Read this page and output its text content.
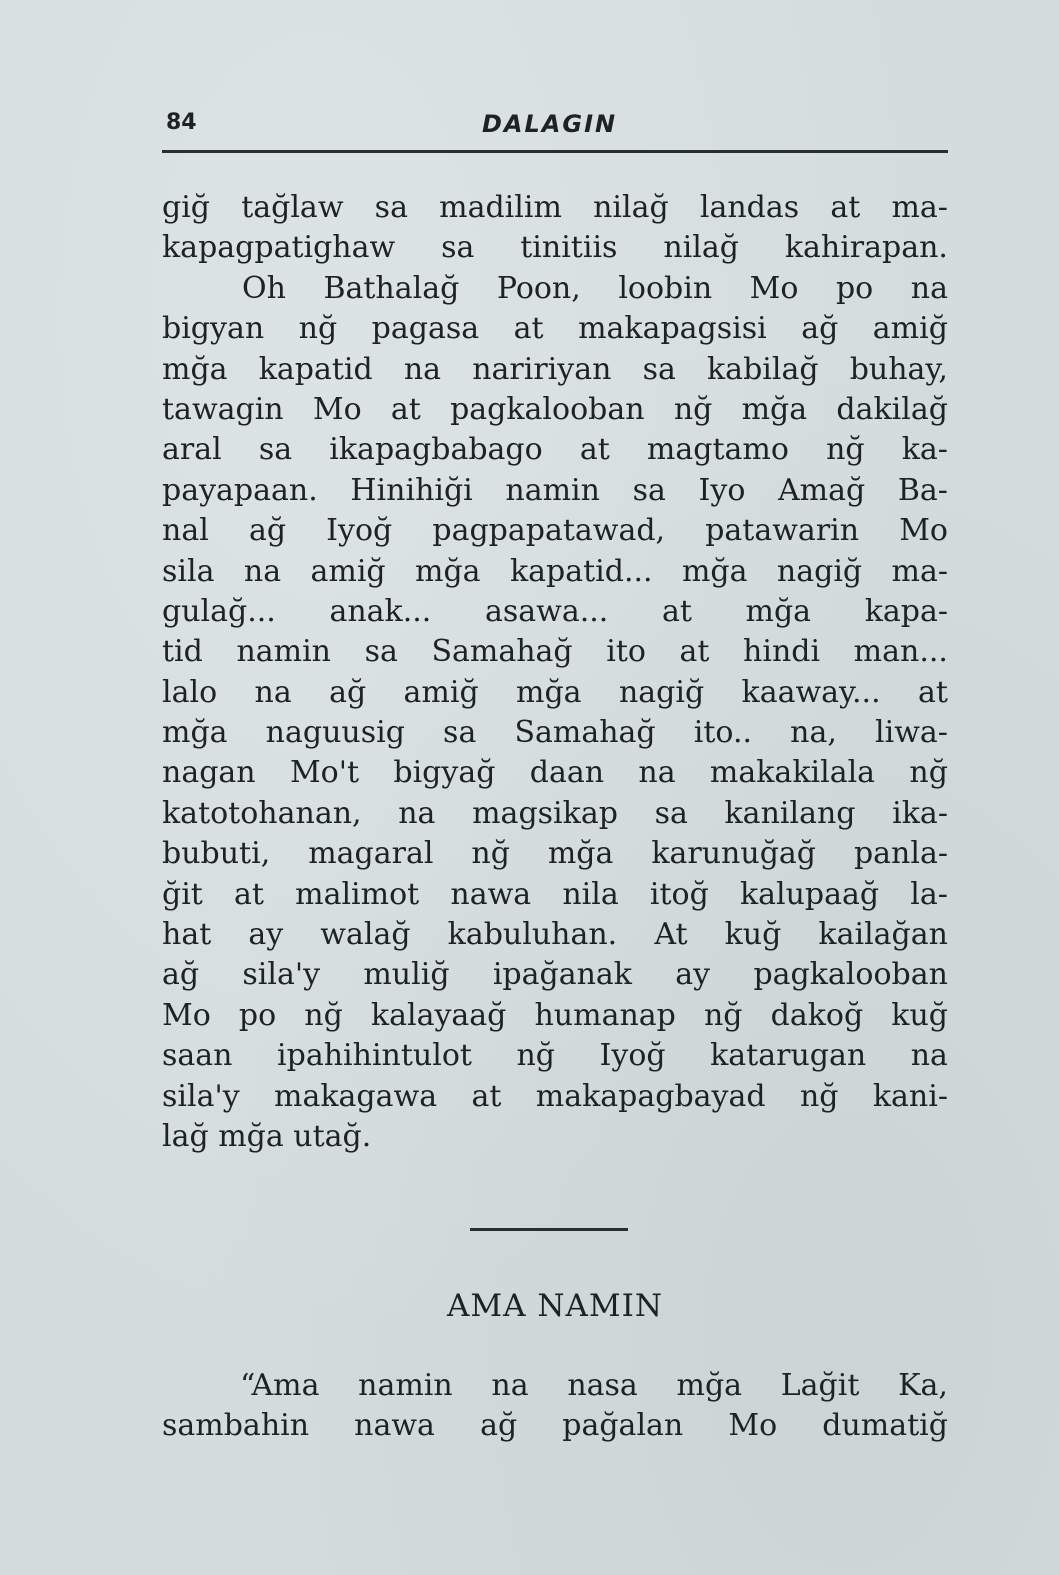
84	DALAGIN
giğ tağlaw sa madilim nilağ landas at ma-
kapagpatighaw sa tinitiis nilağ kahirapan.
Oh Bathalağ Poon, loobin Mo po na
bigyan nğ pagasa at makapagsisi ağ amiğ
mğa kapatid na naririyan sa kabilağ buhay,
tawagin Mo at pagkalooban nğ mğa dakilağ
aral sa ikapagbabago at magtamo nğ ka-
payapaan. Hinihiği namin sa Iyo Amağ Ba-
nal ağ Iyoğ pagpapatawad, patawarin Mo
sila na amiğ mğa kapatid... mğa nagiğ ma-
gulağ... anak... asawa... at mğa kapa-
tid namin sa Samahağ ito at hindi man...
lalo na ağ amiğ mğa nagiğ kaaway... at
mğa naguusig sa Samahağ ito.. na, liwa-
nagan Mo't bigyağ daan na makakilala nğ
katotohanan, na magsikap sa kanilang ika-
bubuti, magaral nğ mğa karunuğağ panla-
ğit at malimot nawa nila itoğ kalupaağ la-
hat ay walağ kabuluhan. At kuğ kailağan
ağ sila'y muliğ ipağanak ay pagkalooban
Mo po nğ kalayaağ humanap nğ dakoğ kuğ
saan ipahihintulot nğ Iyoğ katarugan na
sila'y makagawa at makapagbayad nğ kani-
lağ mğa utağ.
AMA NAMIN
“Ama namin na nasa mğa Lağit Ka,
sambahin nawa ağ pağalan Mo dumatiğ
